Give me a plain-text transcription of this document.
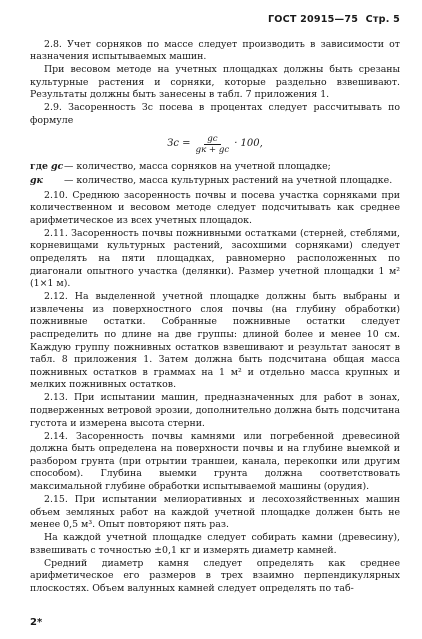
ГОСТ 20915—75 Стр. 5

2.8. Учет сорняков по массе следует производить в зависимости от назначения испытываемых машин.

При весовом методе на учетных площадках должны быть срезаны культурные растения и сорняки, которые раздельно взвешивают. Результаты должны быть занесены в табл. 7 приложения 1.

2.9. Засоренность Зс посева в процентах следует рассчитывать по формуле

Зс = $\frac{gс}{gк + gс} \cdot 100$,
где gс — количество, масса сорняков на учетной площадке;
gк	— количество, масса культурных растений на учетной площадке.

2.10. Среднюю засоренность почвы и посева участка сорняками при количественном и весовом методе следует подсчитывать как среднее арифметическое из всех учетных площадок.

2.11. Засоренность почвы пожнивными остатками (стерней, стеблями, корневищами культурных растений, засохшими сорняками) следует определять на пяти площадках, равномерно расположенных по диагонали опытного участка (делянки). Размер учетной площадки 1 м² (1×1 м).

2.12. На выделенной учетной площадке должны быть выбраны и извлечены из поверхностного слоя почвы (на глубину обработки) пожнивные остатки. Собранные пожнивные остатки следует распределить по длине на две группы: длиной более и менее 10 см. Каждую группу пожнивных остатков взвешивают и результат заносят в табл. 8 приложения 1. Затем должна быть подсчитана общая масса пожнивных остатков в граммах на 1 м² и отдельно масса крупных и мелких пожнивных остатков.

2.13. При испытании машин, предназначенных для работ в зонах, подверженных ветровой эрозии, дополнительно должна быть подсчитана густота и измерена высота стерни.

2.14. Засоренность почвы камнями или погребенной древесиной должна быть определена на поверхности почвы и на глубине выемкой и разбором грунта (при отрытии траншеи, канала, перекопки или другим способом). Глубина выемки грунта должна соответствовать максимальной глубине обработки испытываемой машины (орудия).

2.15. При испытании мелиоративных и лесохозяйственных машин объем земляных работ на каждой учетной площадке должен быть не менее 0,5 м³. Опыт повторяют пять раз.

На каждой учетной площадке следует собирать камни (древесину), взвешивать с точностью ±0,1 кг и измерять диаметр камней.

Средний диаметр камня следует определять как среднее арифметическое его размеров в трех взаимно перпендикулярных плоскостях. Объем валунных камней следует определять по таб-

2*
